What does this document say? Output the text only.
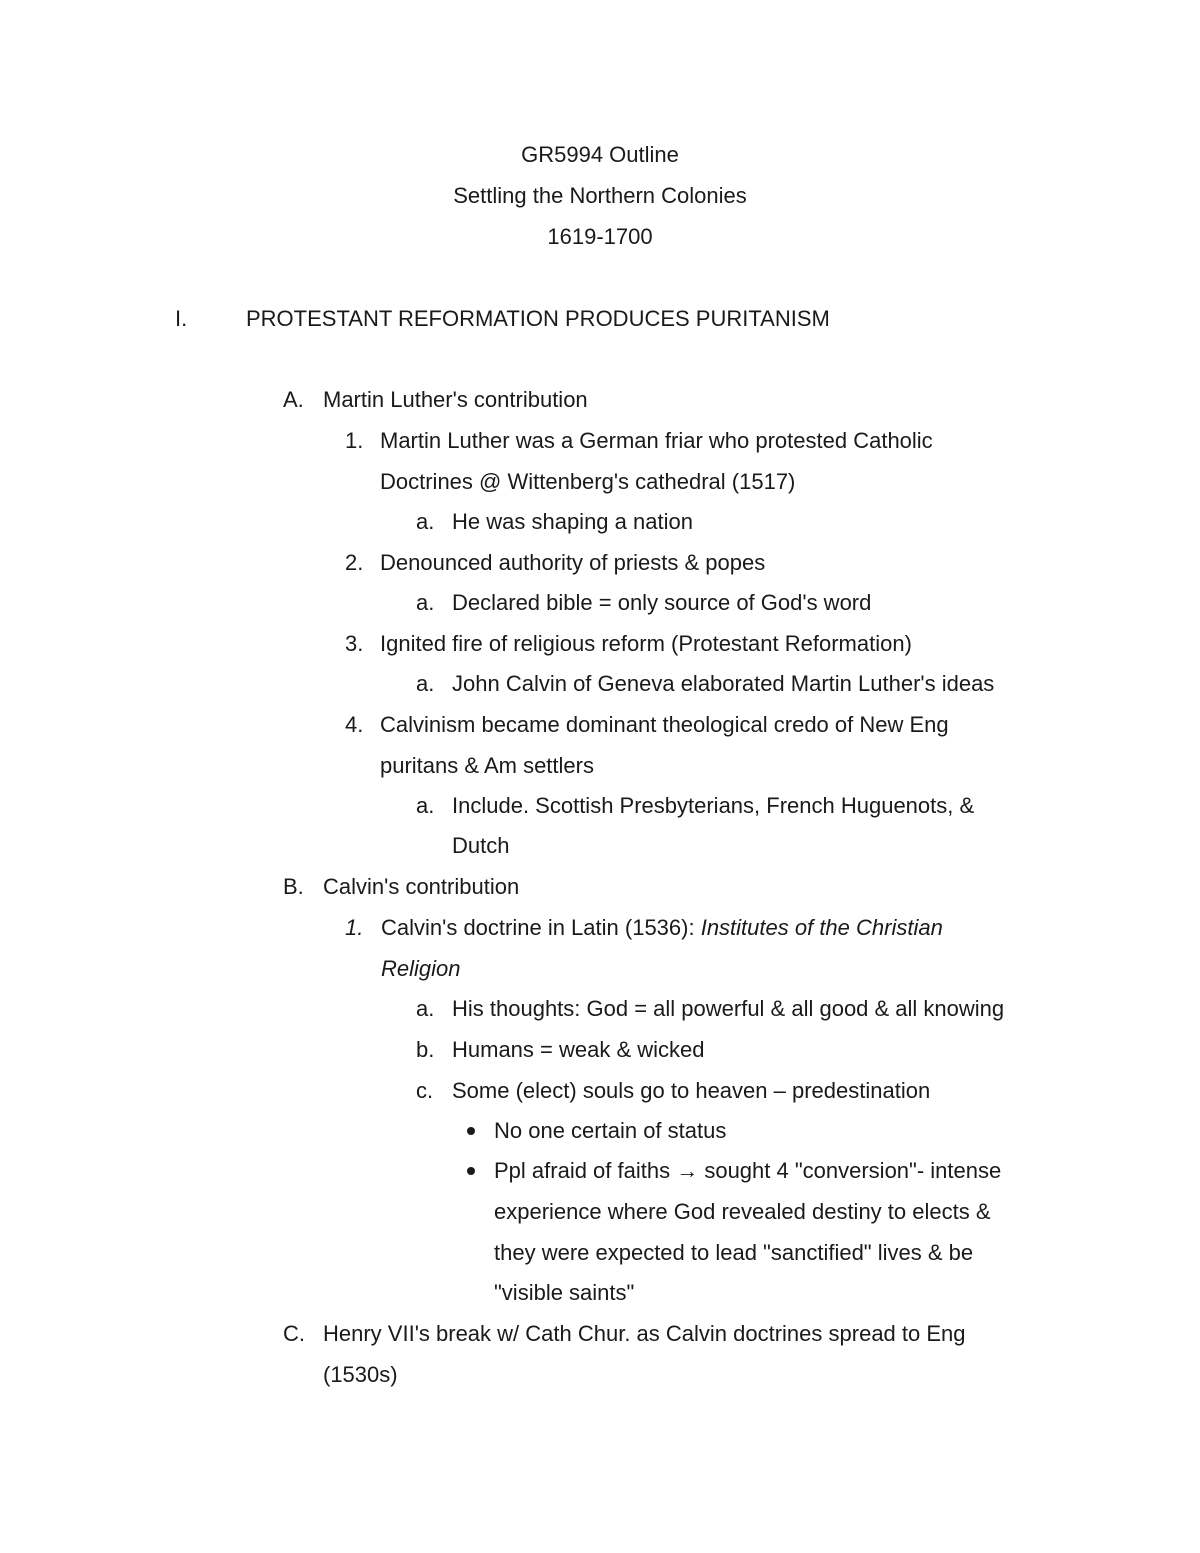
GR5994 Outline
Settling the Northern Colonies
1619-1700
I.	PROTESTANT REFORMATION PRODUCES PURITANISM
A. Martin Luther's contribution
1. Martin Luther was a German friar who protested Catholic
Doctrines @ Wittenberg's cathedral (1517)
a. He was shaping a nation
2. Denounced authority of priests & popes
a. Declared bible = only source of God's word
3. Ignited fire of religious reform (Protestant Reformation)
a. John Calvin of Geneva elaborated Martin Luther's ideas
4. Calvinism became dominant theological credo of New Eng
puritans & Am settlers
a. Include. Scottish Presbyterians, French Huguenots, &
Dutch
B. Calvin's contribution
1. Calvin's doctrine in Latin (1536): Institutes of the Christian
Religion
a. His thoughts: God = all powerful & all good & all knowing
b. Humans = weak & wicked
c. Some (elect) souls go to heaven – predestination
No one certain of status
Ppl afraid of faiths → sought 4 "conversion"- intense
experience where God revealed destiny to elects &
they were expected to lead "sanctified" lives & be
"visible saints"
C. Henry VII's break w/ Cath Chur. as Calvin doctrines spread to Eng
(1530s)
